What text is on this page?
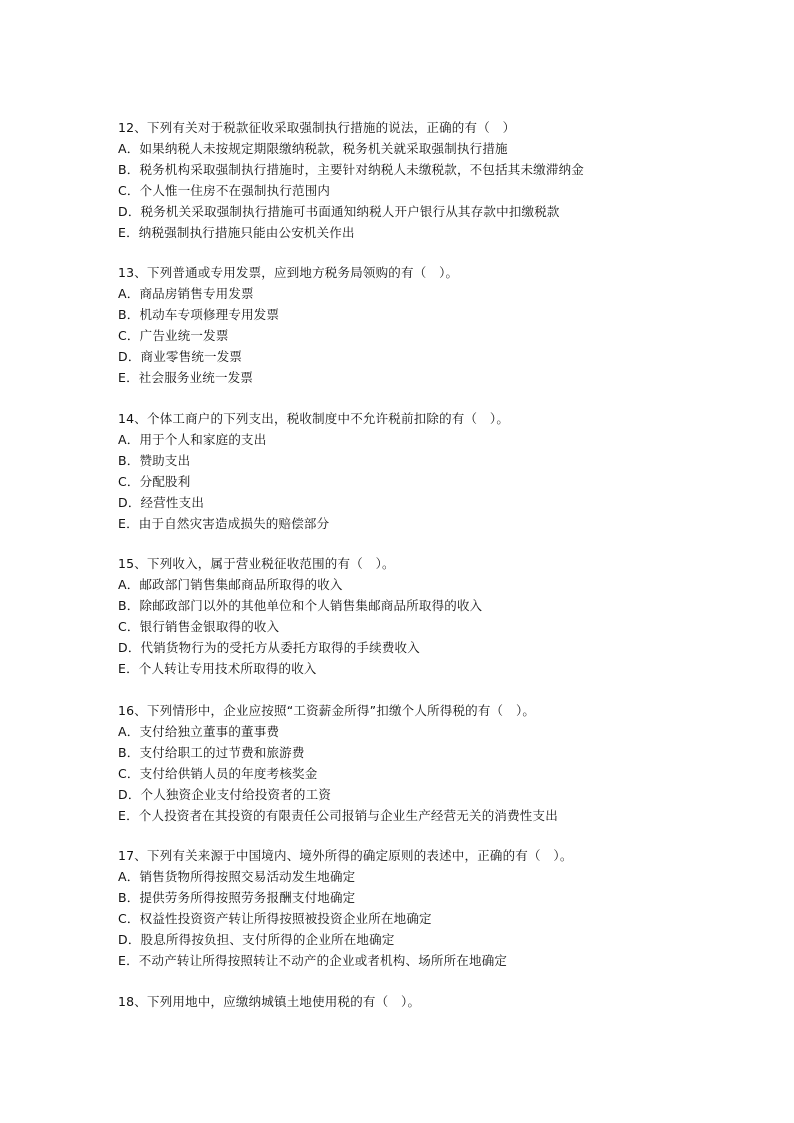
12、下列有关对于税款征收采取强制执行措施的说法，正确的有（　）
A．如果纳税人未按规定期限缴纳税款，税务机关就采取强制执行措施
B．税务机构采取强制执行措施时，主要针对纳税人未缴税款，不包括其未缴滞纳金
C．个人惟一住房不在强制执行范围内
D．税务机关采取强制执行措施可书面通知纳税人开户银行从其存款中扣缴税款
E．纳税强制执行措施只能由公安机关作出
13、下列普通或专用发票，应到地方税务局领购的有（　）。
A．商品房销售专用发票
B．机动车专项修理专用发票
C．广告业统一发票
D．商业零售统一发票
E．社会服务业统一发票
14、个体工商户的下列支出，税收制度中不允许税前扣除的有（　）。
A．用于个人和家庭的支出
B．赞助支出
C．分配股利
D．经营性支出
E．由于自然灾害造成损失的赔偿部分
15、下列收入，属于营业税征收范围的有（　）。
A．邮政部门销售集邮商品所取得的收入
B．除邮政部门以外的其他单位和个人销售集邮商品所取得的收入
C．银行销售金银取得的收入
D．代销货物行为的受托方从委托方取得的手续费收入
E．个人转让专用技术所取得的收入
16、下列情形中，企业应按照“工资薪金所得”扣缴个人所得税的有（　）。
A．支付给独立董事的董事费
B．支付给职工的过节费和旅游费
C．支付给供销人员的年度考核奖金
D．个人独资企业支付给投资者的工资
E．个人投资者在其投资的有限责任公司报销与企业生产经营无关的消费性支出
17、下列有关来源于中国境内、境外所得的确定原则的表述中，正确的有（　）。
A．销售货物所得按照交易活动发生地确定
B．提供劳务所得按照劳务报酬支付地确定
C．权益性投资资产转让所得按照被投资企业所在地确定
D．股息所得按负担、支付所得的企业所在地确定
E．不动产转让所得按照转让不动产的企业或者机构、场所所在地确定
18、下列用地中，应缴纳城镇土地使用税的有（　）。
